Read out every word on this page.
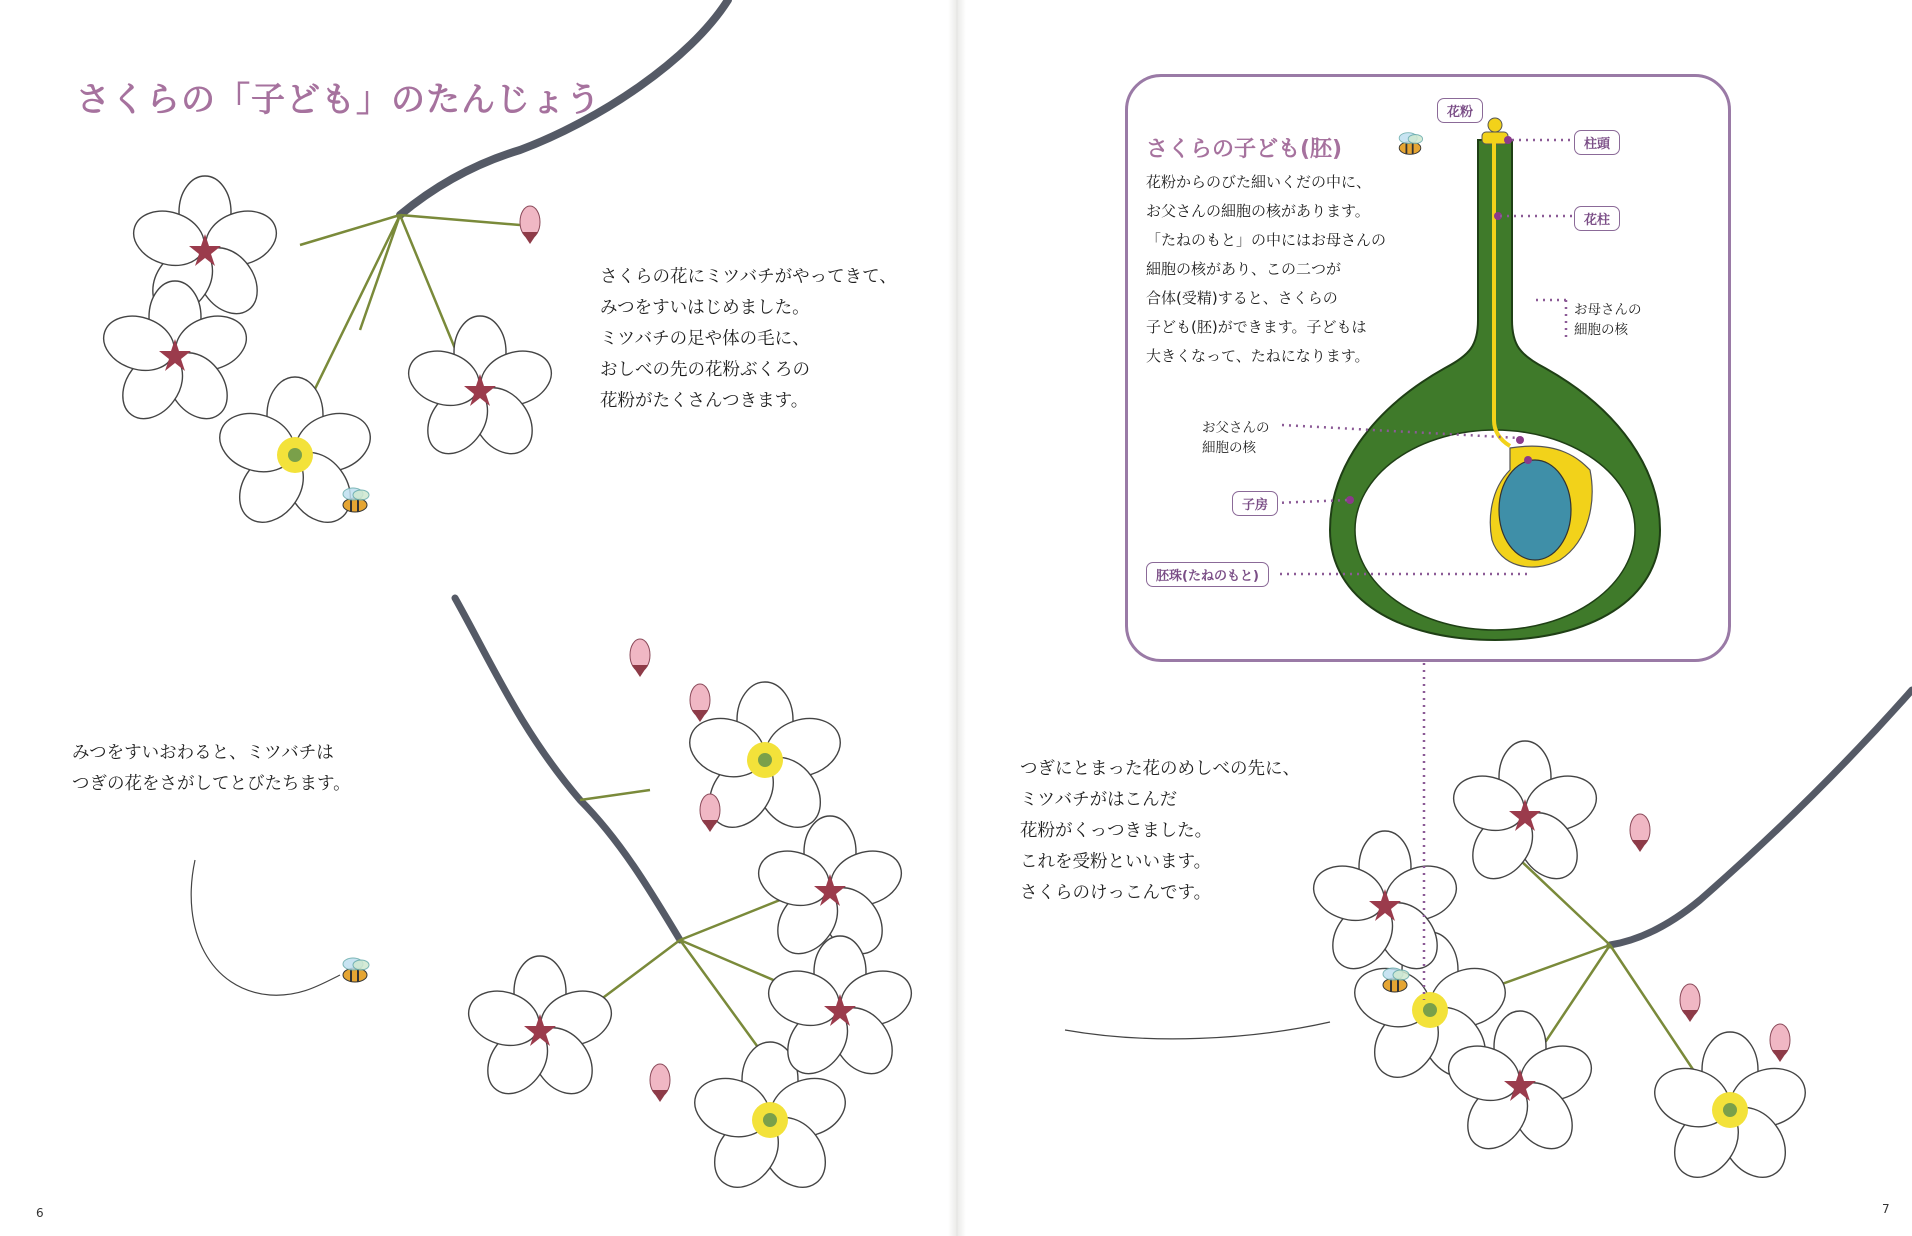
さくらの「子ども」のたんじょう

さくらの花にミツバチがやってきて、
みつをすいはじめました。
ミツバチの足や体の毛に、
おしべの先の花粉ぶくろの
花粉がたくさんつきます。

みつをすいおわると、ミツバチは
つぎの花をさがしてとびたちます。

6
さくらの子ども(胚)

花粉からのびた細いくだの中に、
お父さんの細胞の核があります。
「たねのもと」の中にはお母さんの
細胞の核があり、この二つが
合体(受精)すると、さくらの
子ども(胚)ができます。子どもは
大きくなって、たねになります。

花粉
柱頭
花柱

お母さんの
細胞の核

お父さんの
細胞の核

子房
胚珠(たねのもと)

つぎにとまった花のめしべの先に、
ミツバチがはこんだ
花粉がくっつきました。
これを受粉といいます。
さくらのけっこんです。

7
